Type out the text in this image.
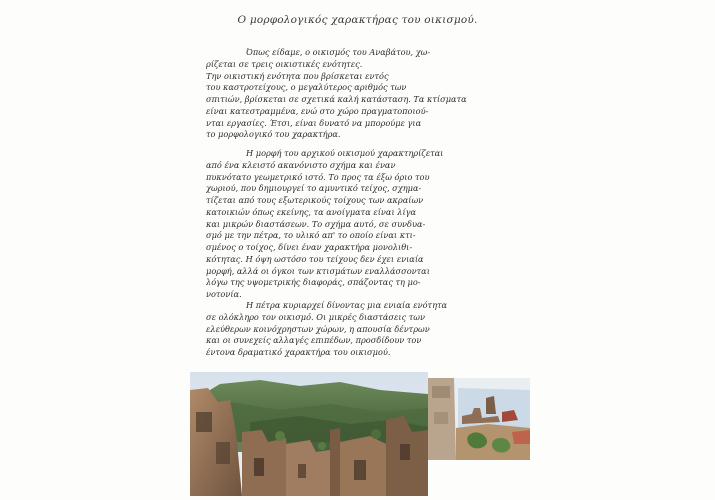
Ο μορφολογικός χαρακτήρας του οικισμού.
Όπως είδαμε, ο οικισμός του Αναβάτου, χω-
ρίζεται σε τρεις οικιστικές ενότητες.
Την οικιστική ενότητα που βρίσκεται εντός
του καστροτείχους, ο μεγαλύτερος αριθμός των
σπιτιών, βρίσκεται σε σχετικά καλή κατάσταση. Τα κτίσματα
είναι κατεστραμμένα, ενώ στο χώρο πραγματοποιού-
νται εργασίες. Έτσι, είναι δυνατό να μπορούμε για
το μορφολογικό του χαρακτήρα.
Η μορφή του αρχικού οικισμού χαρακτηρίζεται
από ένα κλειστό ακανόνιστο σχήμα και έναν
πυκνότατο γεωμετρικό ιστό. Το προς τα έξω όριο του
χωριού, που δημιουργεί το αμυντικό τείχος, σχημα-
τίζεται από τους εξωτερικούς τοίχους των ακραίων
κατοικιών όπως εκείνης, τα ανοίγματα είναι λίγα
και μικρών διαστάσεων. Το σχήμα αυτό, σε συνδυα-
σμό με την πέτρα, το υλικό απ' το οποίο είναι κτι-
σμένος ο τοίχος, δίνει έναν χαρακτήρα μονολιθι-
κότητας. Η όψη ωστόσο του τείχους δεν έχει ενιαία
μορφή, αλλά οι όγκοι των κτισμάτων εναλλάσσονται
λόγω της υψομετρικής διαφοράς, σπάζοντας τη μο-
νοτονία.
Η πέτρα κυριαρχεί δίνοντας μια ενιαία ενότητα
σε ολόκληρο τον οικισμό. Οι μικρές διαστάσεις των
ελεύθερων κοινόχρηστων χώρων, η απουσία δέντρων
και οι συνεχείς αλλαγές επιπέδων, προσδίδουν τον
έντονα δραματικό χαρακτήρα του οικισμού.
